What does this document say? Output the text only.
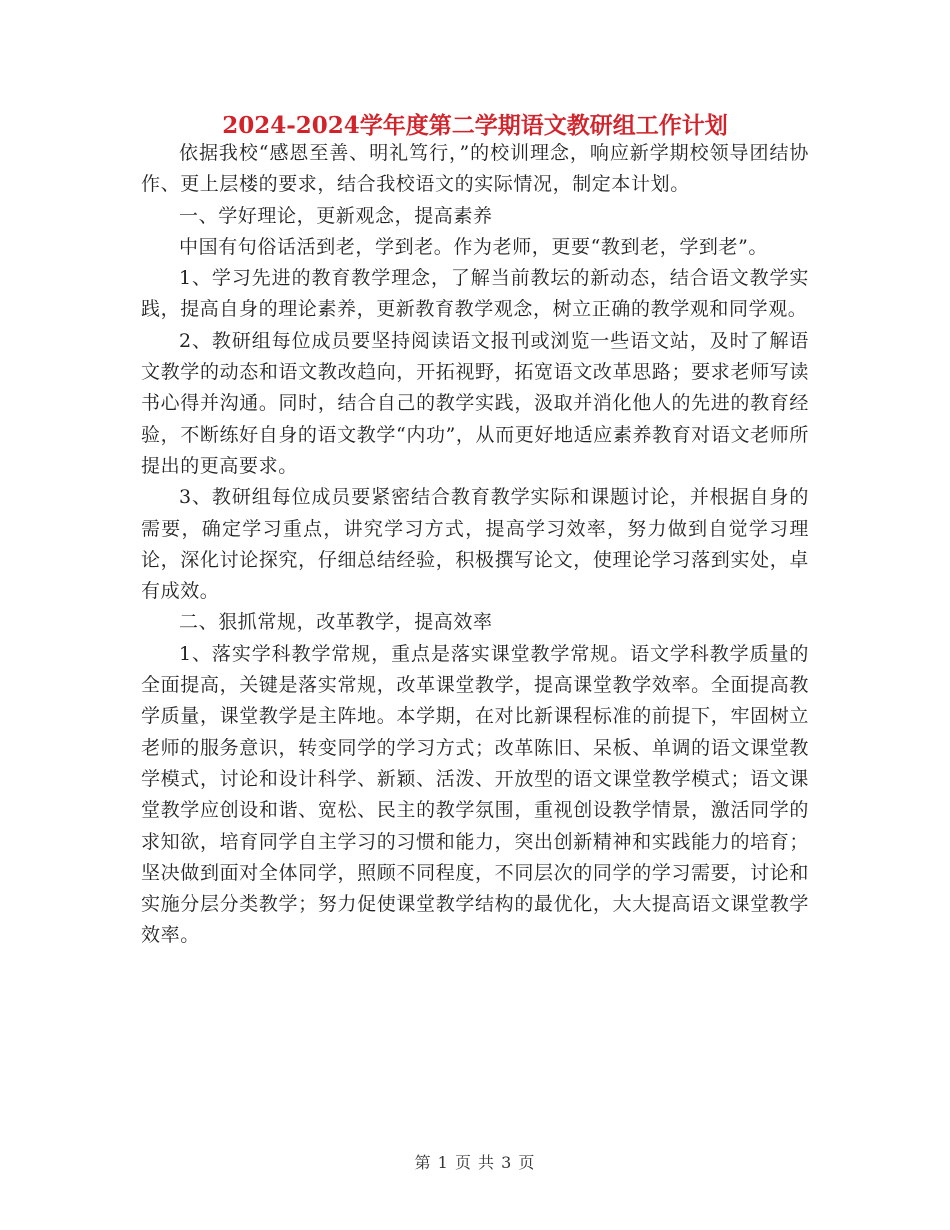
2024-2024学年度第二学期语文教研组工作计划

依据我校“感恩至善、明礼笃行，”的校训理念，响应新学期校领导团结协作、更上层楼的要求，结合我校语文的实际情况，制定本计划。

一、学好理论，更新观念，提高素养

中国有句俗话活到老，学到老。作为老师，更要“教到老，学到老”。

1、学习先进的教育教学理念，了解当前教坛的新动态，结合语文教学实践，提高自身的理论素养，更新教育教学观念，树立正确的教学观和同学观。

2、教研组每位成员要坚持阅读语文报刊或浏览一些语文站，及时了解语文教学的动态和语文教改趋向，开拓视野，拓宽语文改革思路；要求老师写读书心得并沟通。同时，结合自己的教学实践，汲取并消化他人的先进的教育经验，不断练好自身的语文教学“内功”，从而更好地适应素养教育对语文老师所提出的更高要求。

3、教研组每位成员要紧密结合教育教学实际和课题讨论，并根据自身的需要，确定学习重点，讲究学习方式，提高学习效率，努力做到自觉学习理论，深化讨论探究，仔细总结经验，积极撰写论文，使理论学习落到实处，卓有成效。

二、狠抓常规，改革教学，提高效率

1、落实学科教学常规，重点是落实课堂教学常规。语文学科教学质量的全面提高，关键是落实常规，改革课堂教学，提高课堂教学效率。全面提高教学质量，课堂教学是主阵地。本学期，在对比新课程标准的前提下，牢固树立老师的服务意识，转变同学的学习方式；改革陈旧、呆板、单调的语文课堂教学模式，讨论和设计科学、新颖、活泼、开放型的语文课堂教学模式；语文课堂教学应创设和谐、宽松、民主的教学氛围，重视创设教学情景，激活同学的求知欲，培育同学自主学习的习惯和能力，突出创新精神和实践能力的培育；坚决做到面对全体同学，照顾不同程度，不同层次的同学的学习需要，讨论和实施分层分类教学；努力促使课堂教学结构的最优化，大大提高语文课堂教学效率。

第 1 页 共 3 页
